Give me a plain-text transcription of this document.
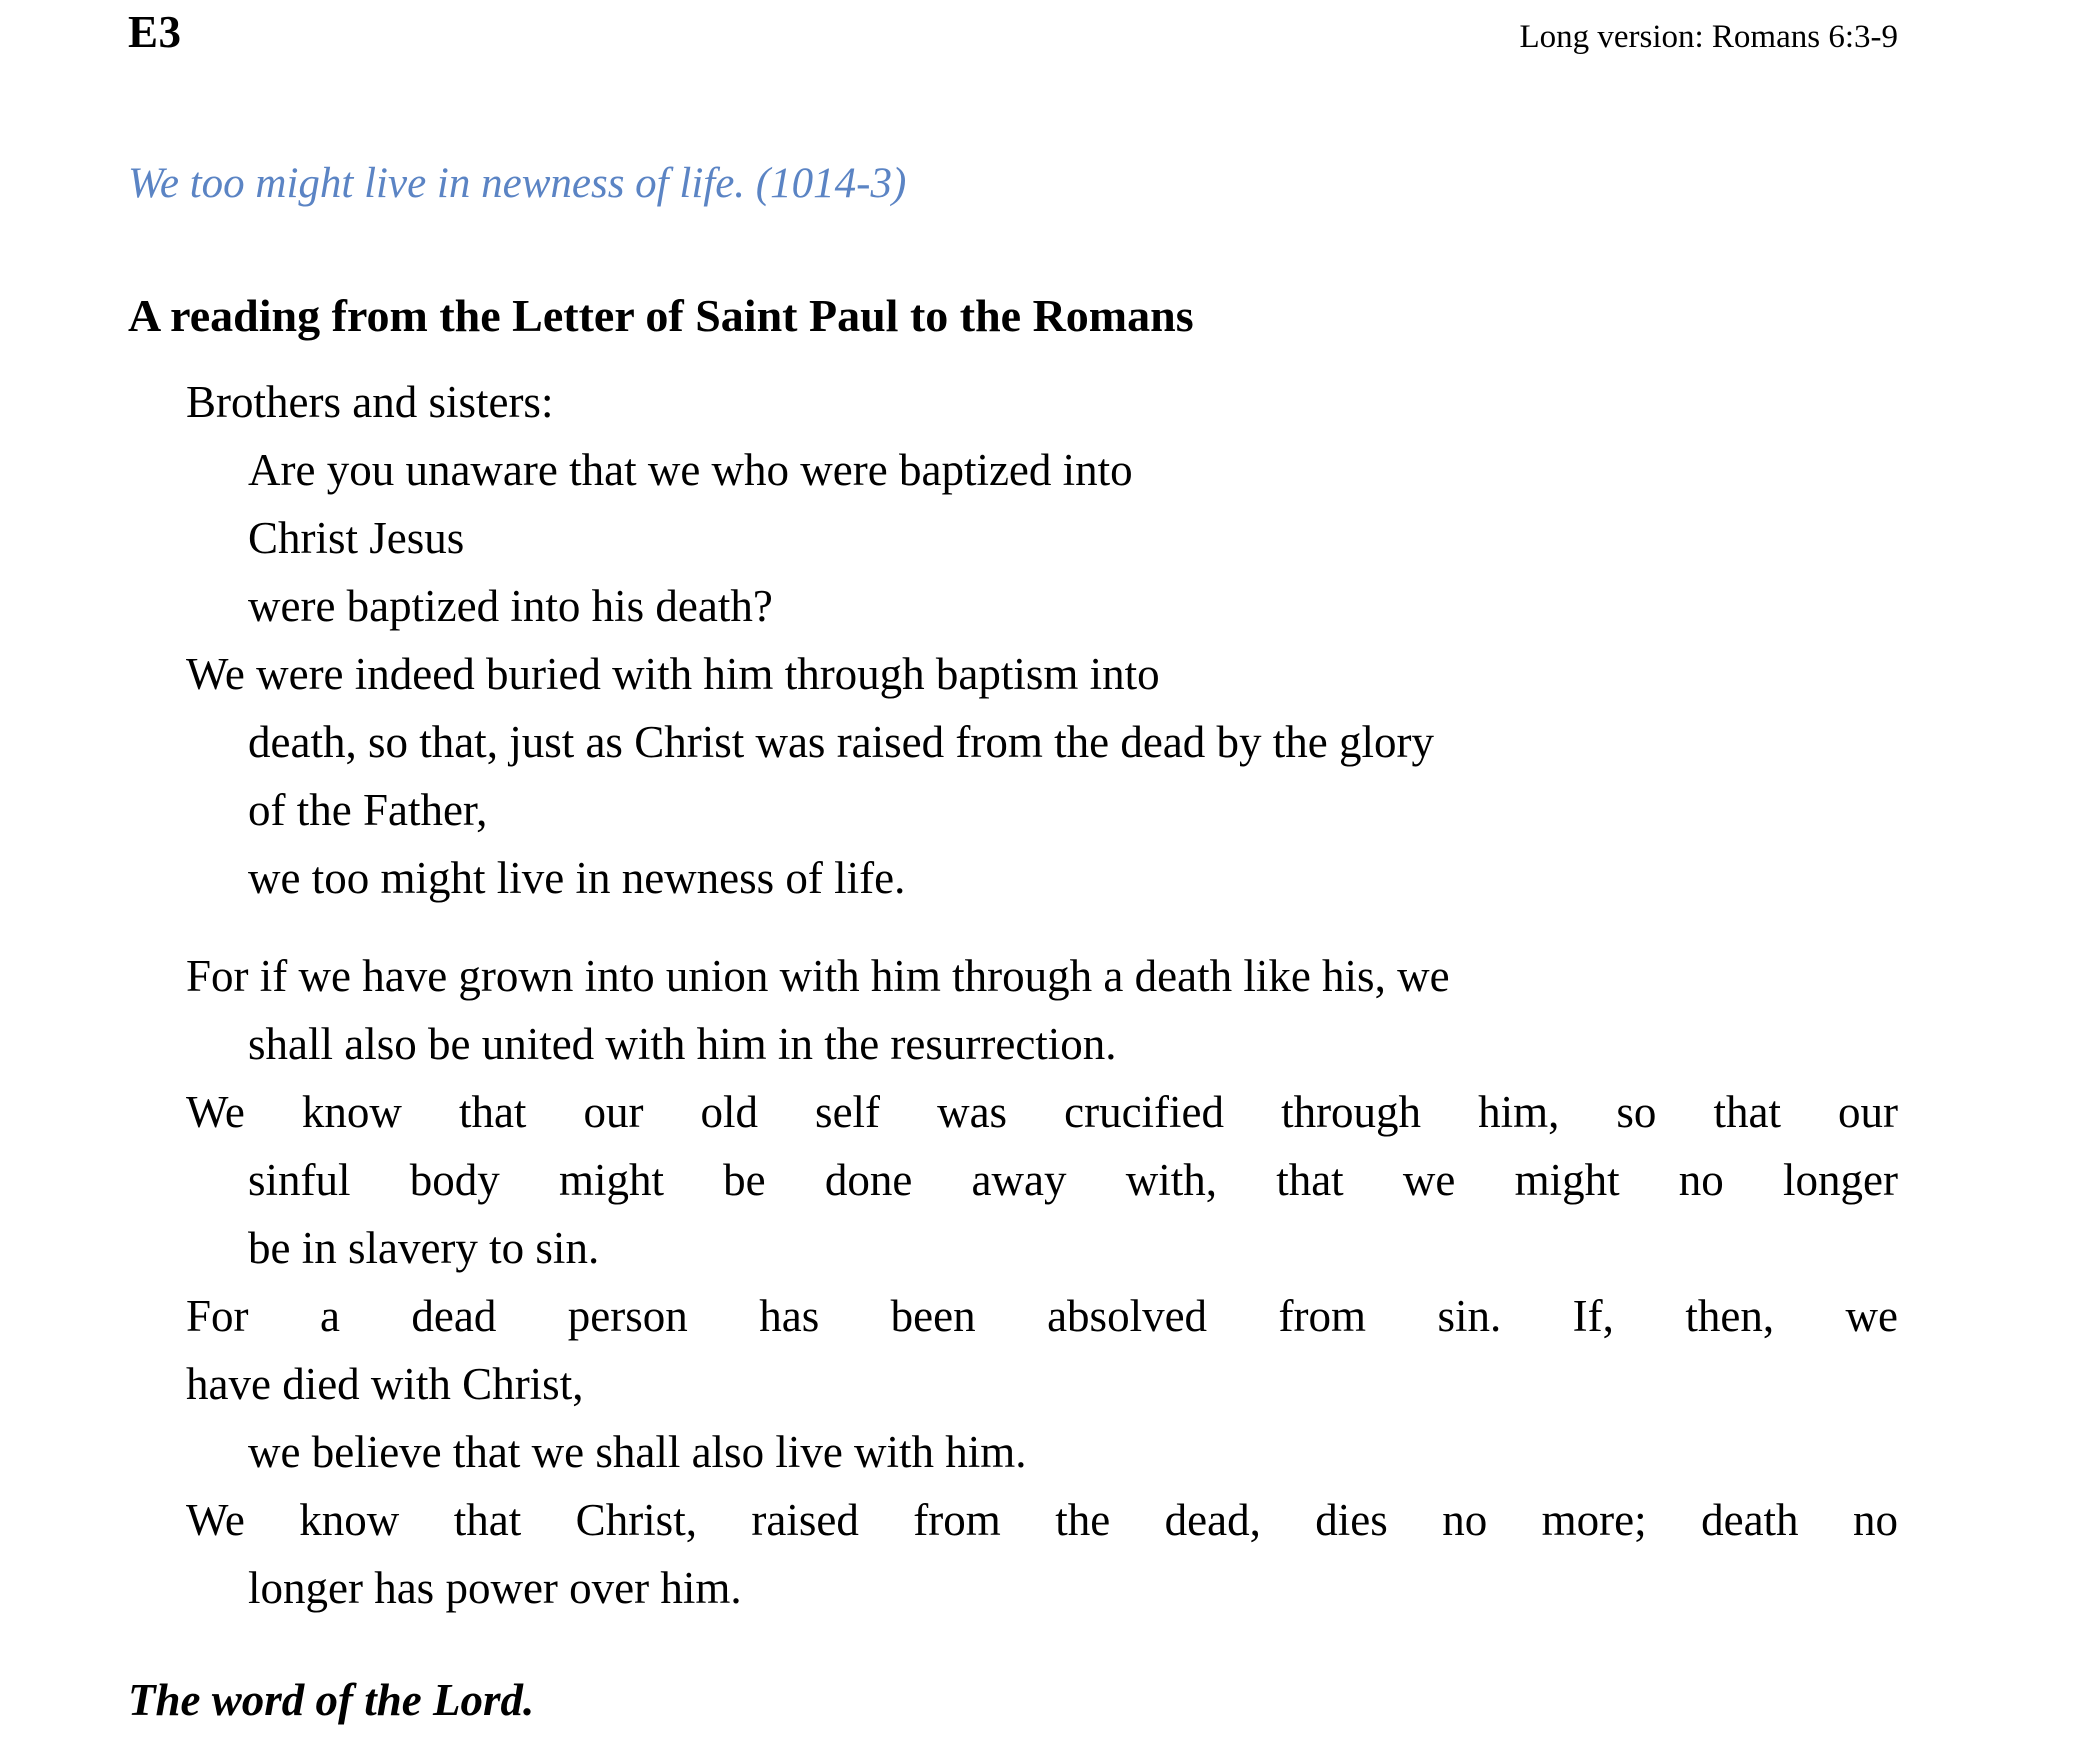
E3	Long version: Romans 6:3-9
We too might live in newness of life. (1014-3)
A reading from the Letter of Saint Paul to the Romans
Brothers and sisters:
Are you unaware that we who were baptized into
Christ Jesus
were baptized into his death?
We were indeed buried with him through baptism into
death, so that, just as Christ was raised from the dead by the glory
of the Father,
we too might live in newness of life.
For if we have grown into union with him through a death like his, we
shall also be united with him in the resurrection.
We know that our old self was crucified through him, so that our
sinful body might be done away with, that we might no longer
be in slavery to sin.
For a dead person has been absolved from sin. If, then, we
have died with Christ,
we believe that we shall also live with him.
We know that Christ, raised from the dead, dies no more; death no
longer has power over him.
The word of the Lord.
